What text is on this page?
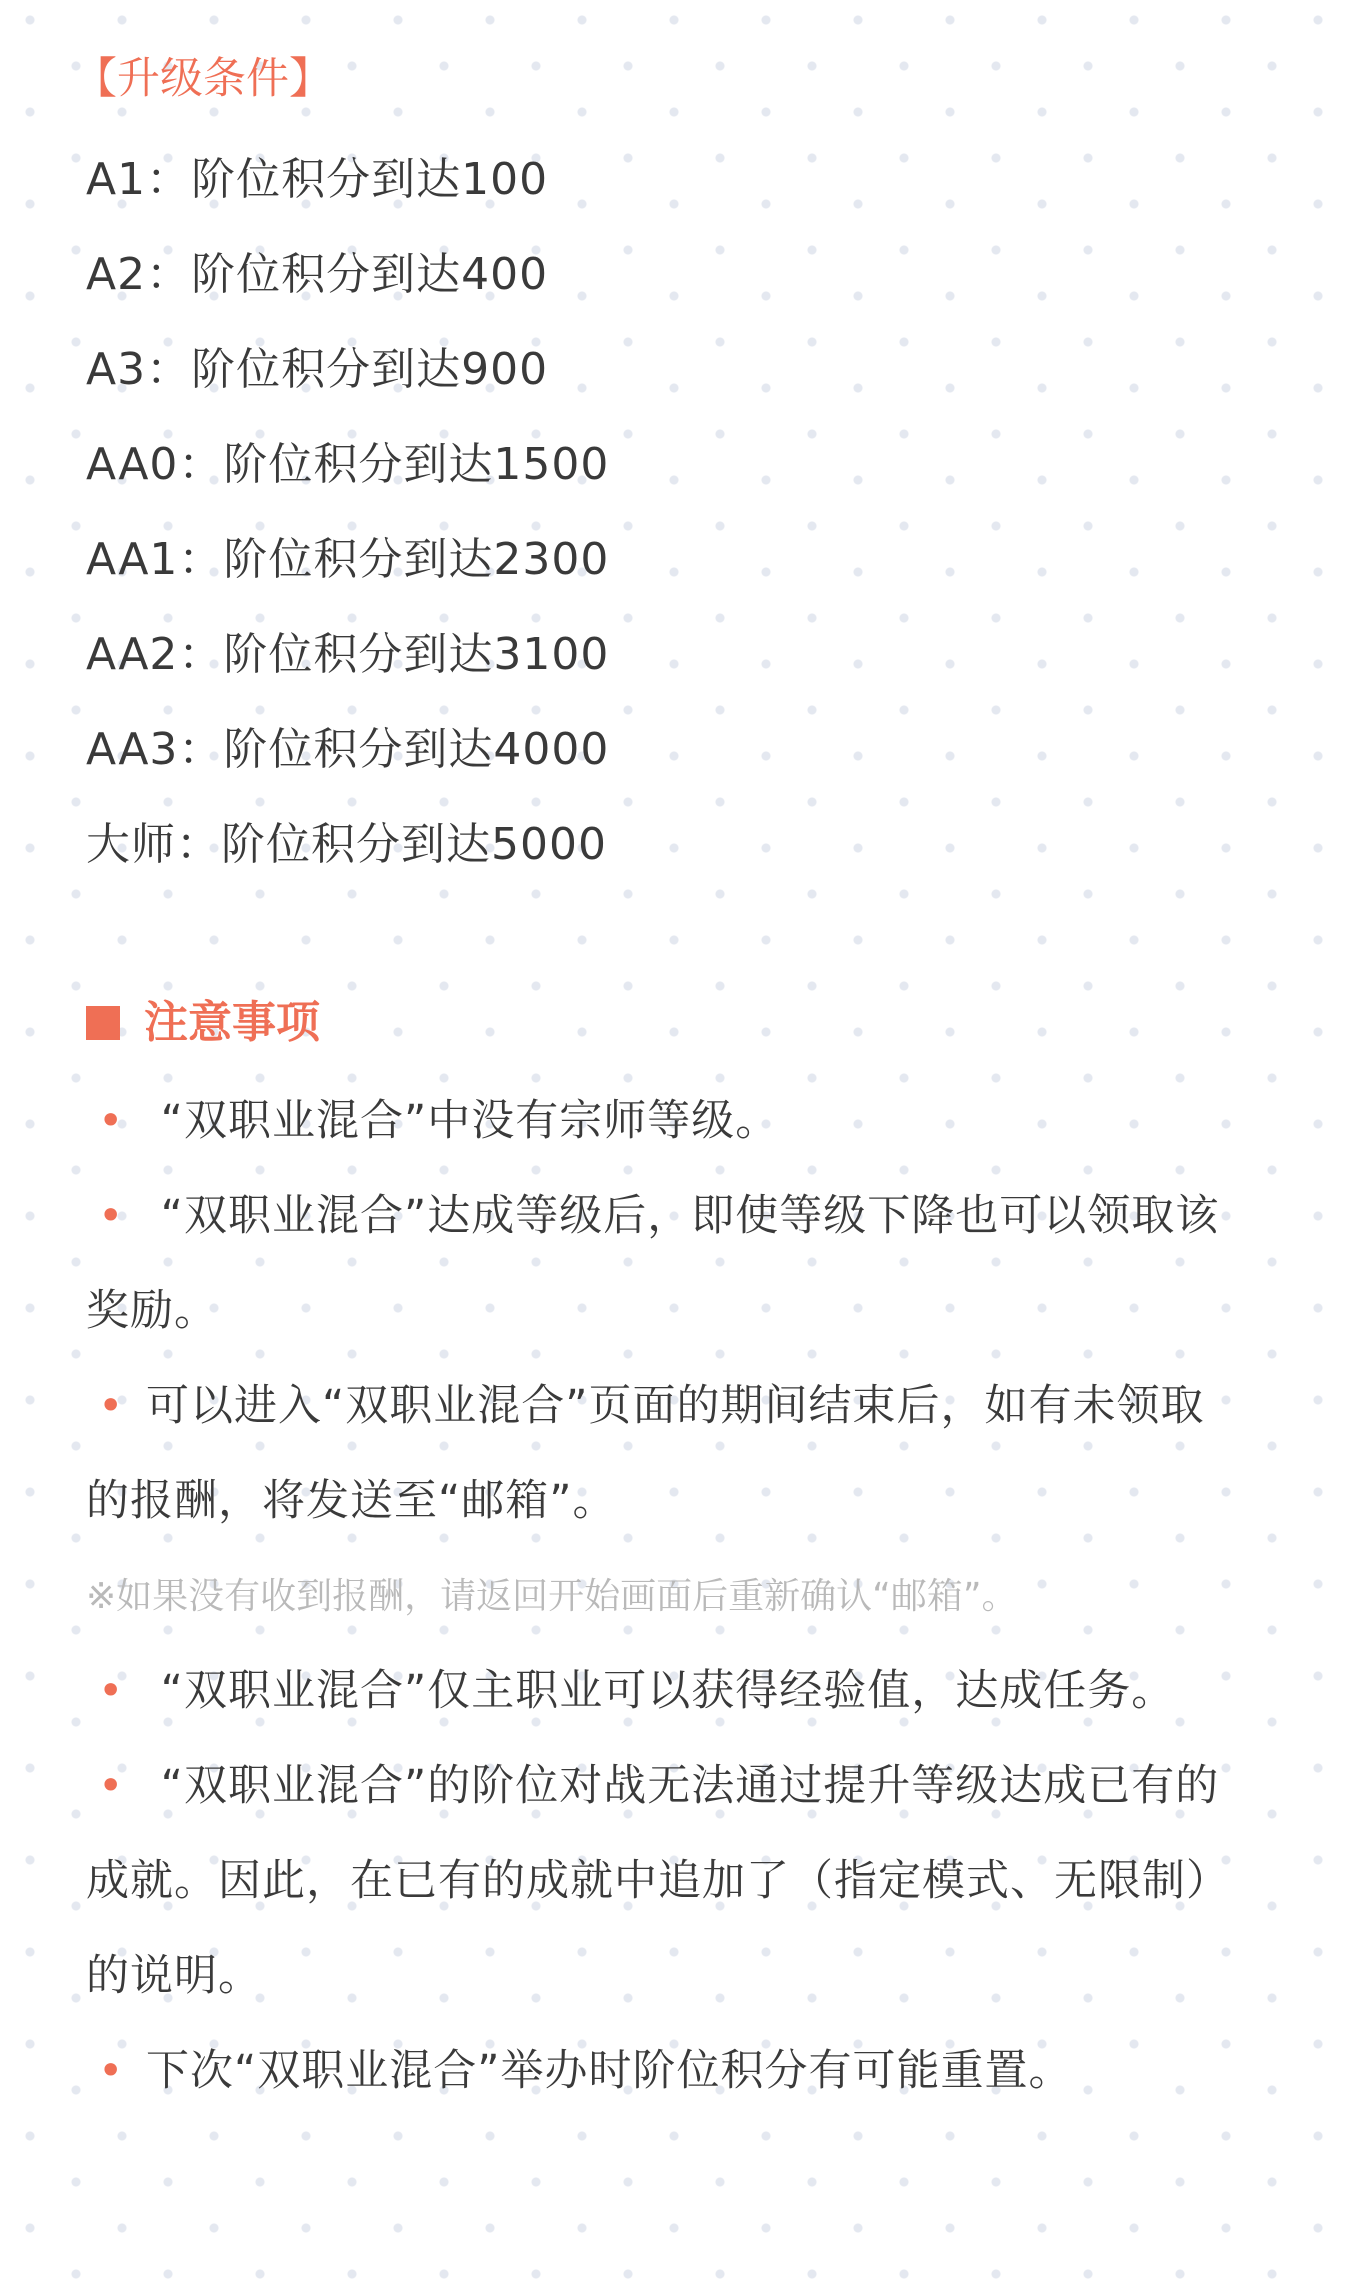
【升级条件】
A1：阶位积分到达100
A2：阶位积分到达400
A3：阶位积分到达900
AA0：阶位积分到达1500
AA1：阶位积分到达2300
AA2：阶位积分到达3100
AA3：阶位积分到达4000
大师：阶位积分到达5000
注意事项

• “双职业混合”中没有宗师等级。

• “双职业混合”达成等级后，即使等级下降也可以领取该奖励。

• 可以进入“双职业混合”页面的期间结束后，如有未领取的报酬，将发送至“邮箱”。

※如果没有收到报酬，请返回开始画面后重新确认“邮箱”。

• “双职业混合”仅主职业可以获得经验值，达成任务。

• “双职业混合”的阶位对战无法通过提升等级达成已有的成就。因此，在已有的成就中追加了（指定模式、无限制）的说明。

• 下次“双职业混合”举办时阶位积分有可能重置。
